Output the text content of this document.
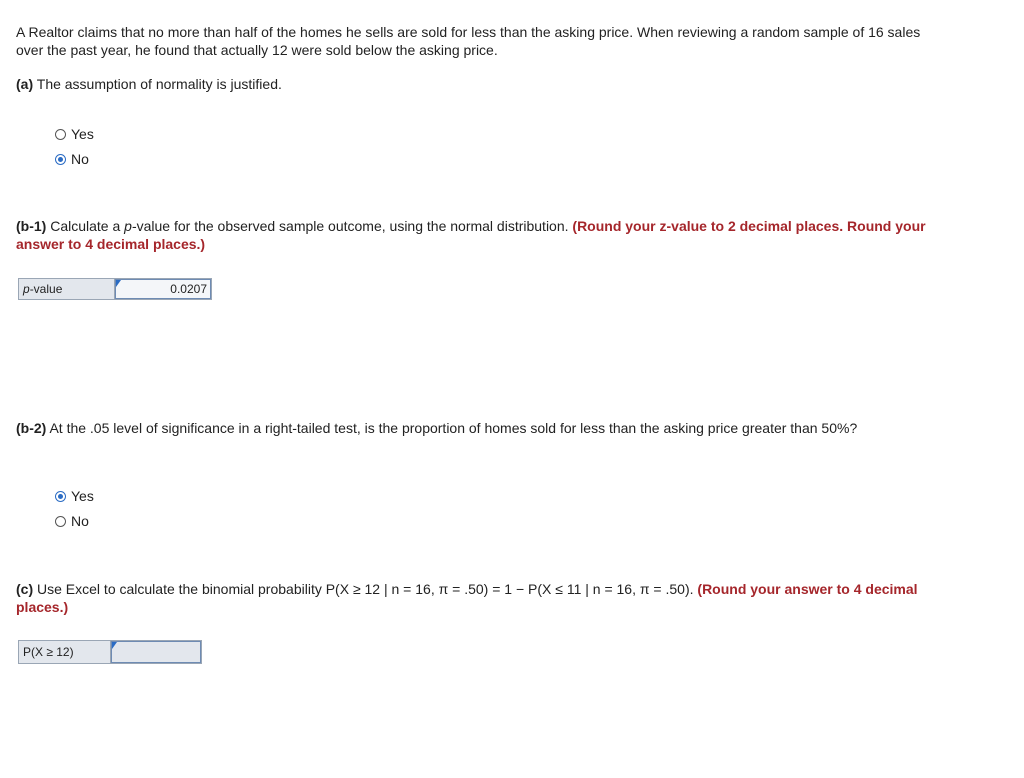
A Realtor claims that no more than half of the homes he sells are sold for less than the asking price. When reviewing a random sample of 16 sales over the past year, he found that actually 12 were sold below the asking price.
(a) The assumption of normality is justified.
Yes
No
(b-1) Calculate a p-value for the observed sample outcome, using the normal distribution. (Round your z-value to 2 decimal places. Round your answer to 4 decimal places.)
p -value	0.0207
(b-2) At the .05 level of significance in a right-tailed test, is the proportion of homes sold for less than the asking price greater than 50%?
Yes
No
(c) Use Excel to calculate the binomial probability P(X ≥ 12 | n = 16, π = .50) = 1 − P(X ≤ 11 | n = 16, π = .50). (Round your answer to 4 decimal places.)
P(X ≥ 12)
